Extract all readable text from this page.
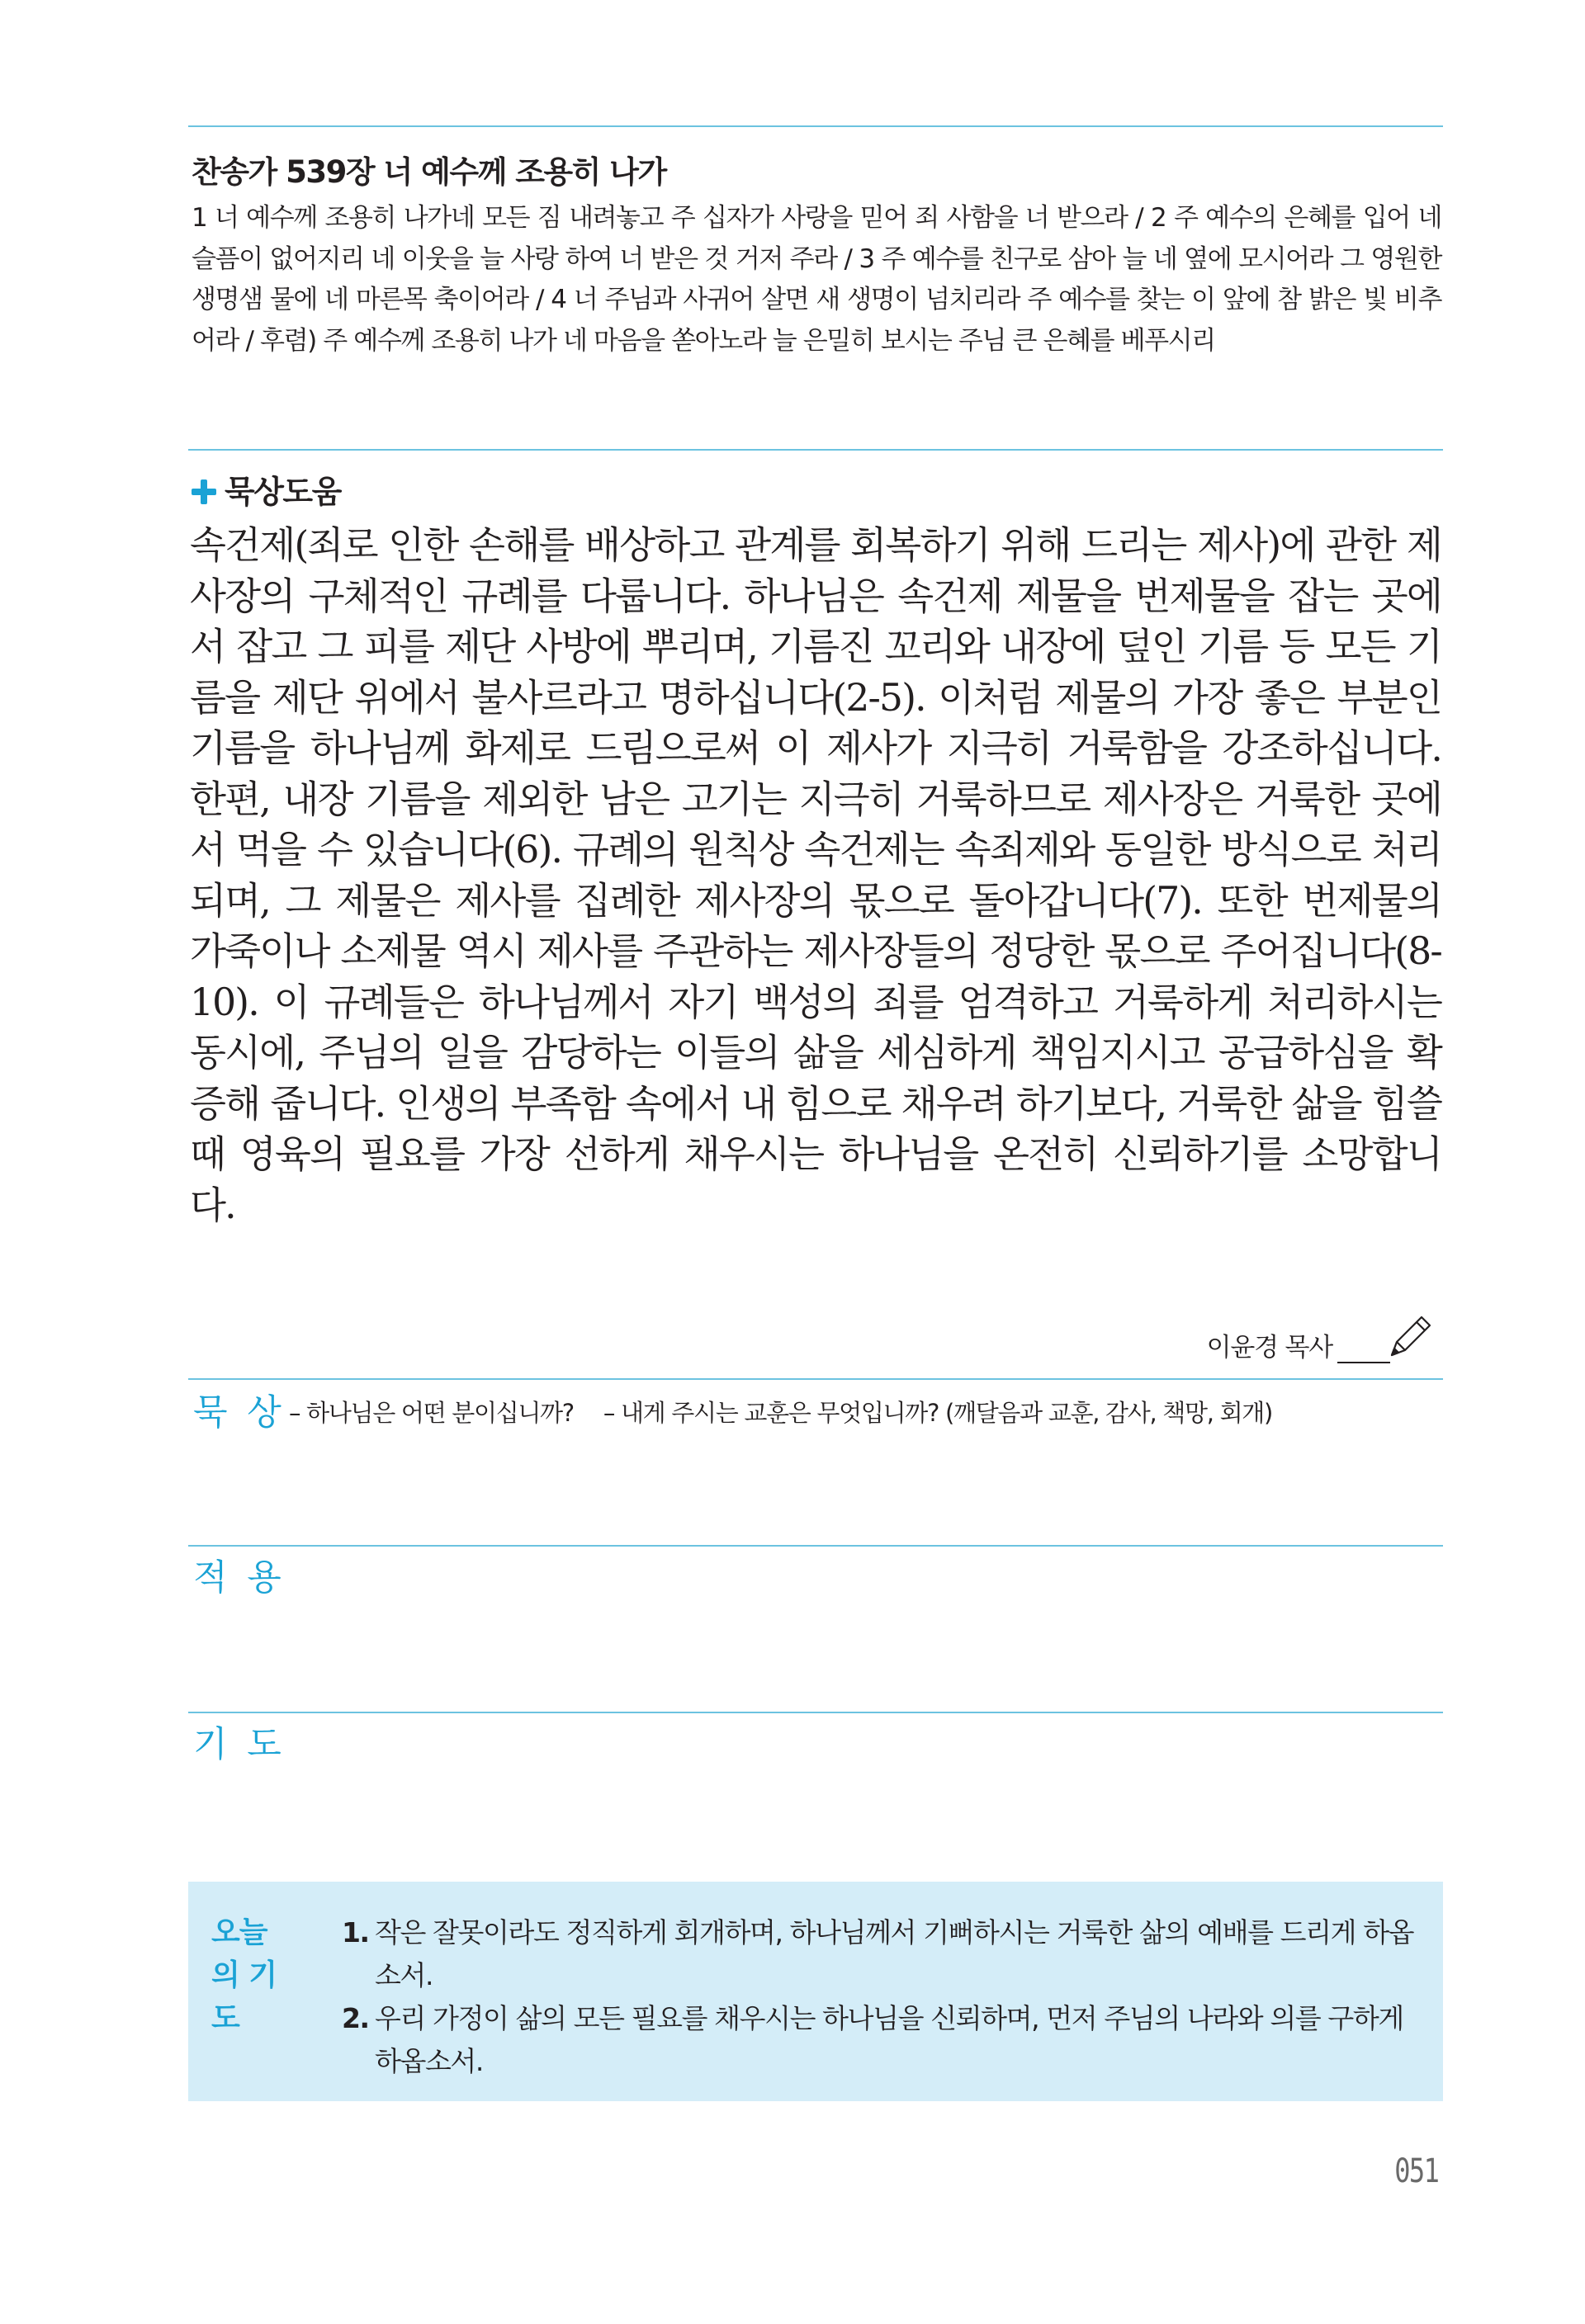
찬송가 539장 너 예수께 조용히 나가

1 너 예수께 조용히 나가네 모든 짐 내려놓고 주 십자가 사랑을 믿어 죄 사함을 너 받으라 / 2 주 예수의 은혜를 입어 네 슬픔이 없어지리 네 이웃을 늘 사랑 하여 너 받은 것 거저 주라 / 3 주 예수를 친구로 삼아 늘 네 옆에 모시어라 그 영원한 생명샘 물에 네 마른목 축이어라 / 4 너 주님과 사귀어 살면 새 생명이 넘치리라 주 예수를 찾는 이 앞에 참 밝은 빛 비추어라 / 후렴) 주 예수께 조용히 나가 네 마음을 쏟아노라 늘 은밀히 보시는 주님 큰 은혜를 베푸시리

묵상도움

속건제(죄로 인한 손해를 배상하고 관계를 회복하기 위해 드리는 제사)에 관한 제사장의 구체적인 규례를 다룹니다. 하나님은 속건제 제물을 번제물을 잡는 곳에서 잡고 그 피를 제단 사방에 뿌리며, 기름진 꼬리와 내장에 덮인 기름 등 모든 기름을 제단 위에서 불사르라고 명하십니다(2-5). 이처럼 제물의 가장 좋은 부분인 기름을 하나님께 화제로 드림으로써 이 제사가 지극히 거룩함을 강조하십니다. 한편, 내장 기름을 제외한 남은 고기는 지극히 거룩하므로 제사장은 거룩한 곳에서 먹을 수 있습니다(6). 규례의 원칙상 속건제는 속죄제와 동일한 방식으로 처리되며, 그 제물은 제사를 집례한 제사장의 몫으로 돌아갑니다(7). 또한 번제물의 가죽이나 소제물 역시 제사를 주관하는 제사장들의 정당한 몫으로 주어집니다(8-10). 이 규례들은 하나님께서 자기 백성의 죄를 엄격하고 거룩하게 처리하시는 동시에, 주님의 일을 감당하는 이들의 삶을 세심하게 책임지시고 공급하심을 확증해 줍니다. 인생의 부족함 속에서 내 힘으로 채우려 하기보다, 거룩한 삶을 힘쓸 때 영육의 필요를 가장 선하게 채우시는 하나님을 온전히 신뢰하기를 소망합니다.

이윤경 목사
묵 상 – 하나님은 어떤 분이십니까? – 내게 주시는 교훈은 무엇입니까? (깨달음과 교훈, 감사, 책망, 회개)
적 용
기 도
오늘의 기도
1. 작은 잘못이라도 정직하게 회개하며, 하나님께서 기뻐하시는 거룩한 삶의 예배를 드리게 하옵소서.
2. 우리 가정이 삶의 모든 필요를 채우시는 하나님을 신뢰하며, 먼저 주님의 나라와 의를 구하게 하옵소서.
051
